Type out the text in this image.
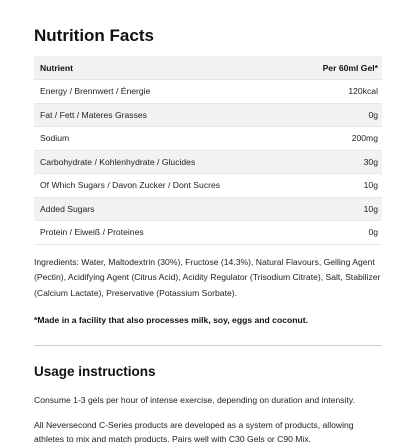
Nutrition Facts
Nutrient	Per 60ml Gel*
Energy / Brennwert / Énergie	120kcal
Fat / Fett / Materes Grasses	0g
Sodium	200mg
Carbohydrate / Kohlenhydrate / Glucides	30g
Of Which Sugars / Davon Zucker / Dont Sucres	10g
Added Sugars	10g
Protein / Eiweiß / Proteines	0g

Ingredients: Water, Maltodextrin (30%), Fructose (14.3%), Natural Flavours, Gelling Agent (Pectin), Acidifying Agent (Citrus Acid), Acidity Regulator (Trisodium Citrate), Salt, Stabilizer (Calcium Lactate), Preservative (Potassium Sorbate).

*Made in a facility that also processes milk, soy, eggs and coconut.

Usage instructions

Consume 1-3 gels per hour of intense exercise, depending on duration and intensity.

All Neversecond C-Series products are developed as a system of products, allowing athletes to mix and match products. Pairs well with C30 Gels or C90 Mix.
